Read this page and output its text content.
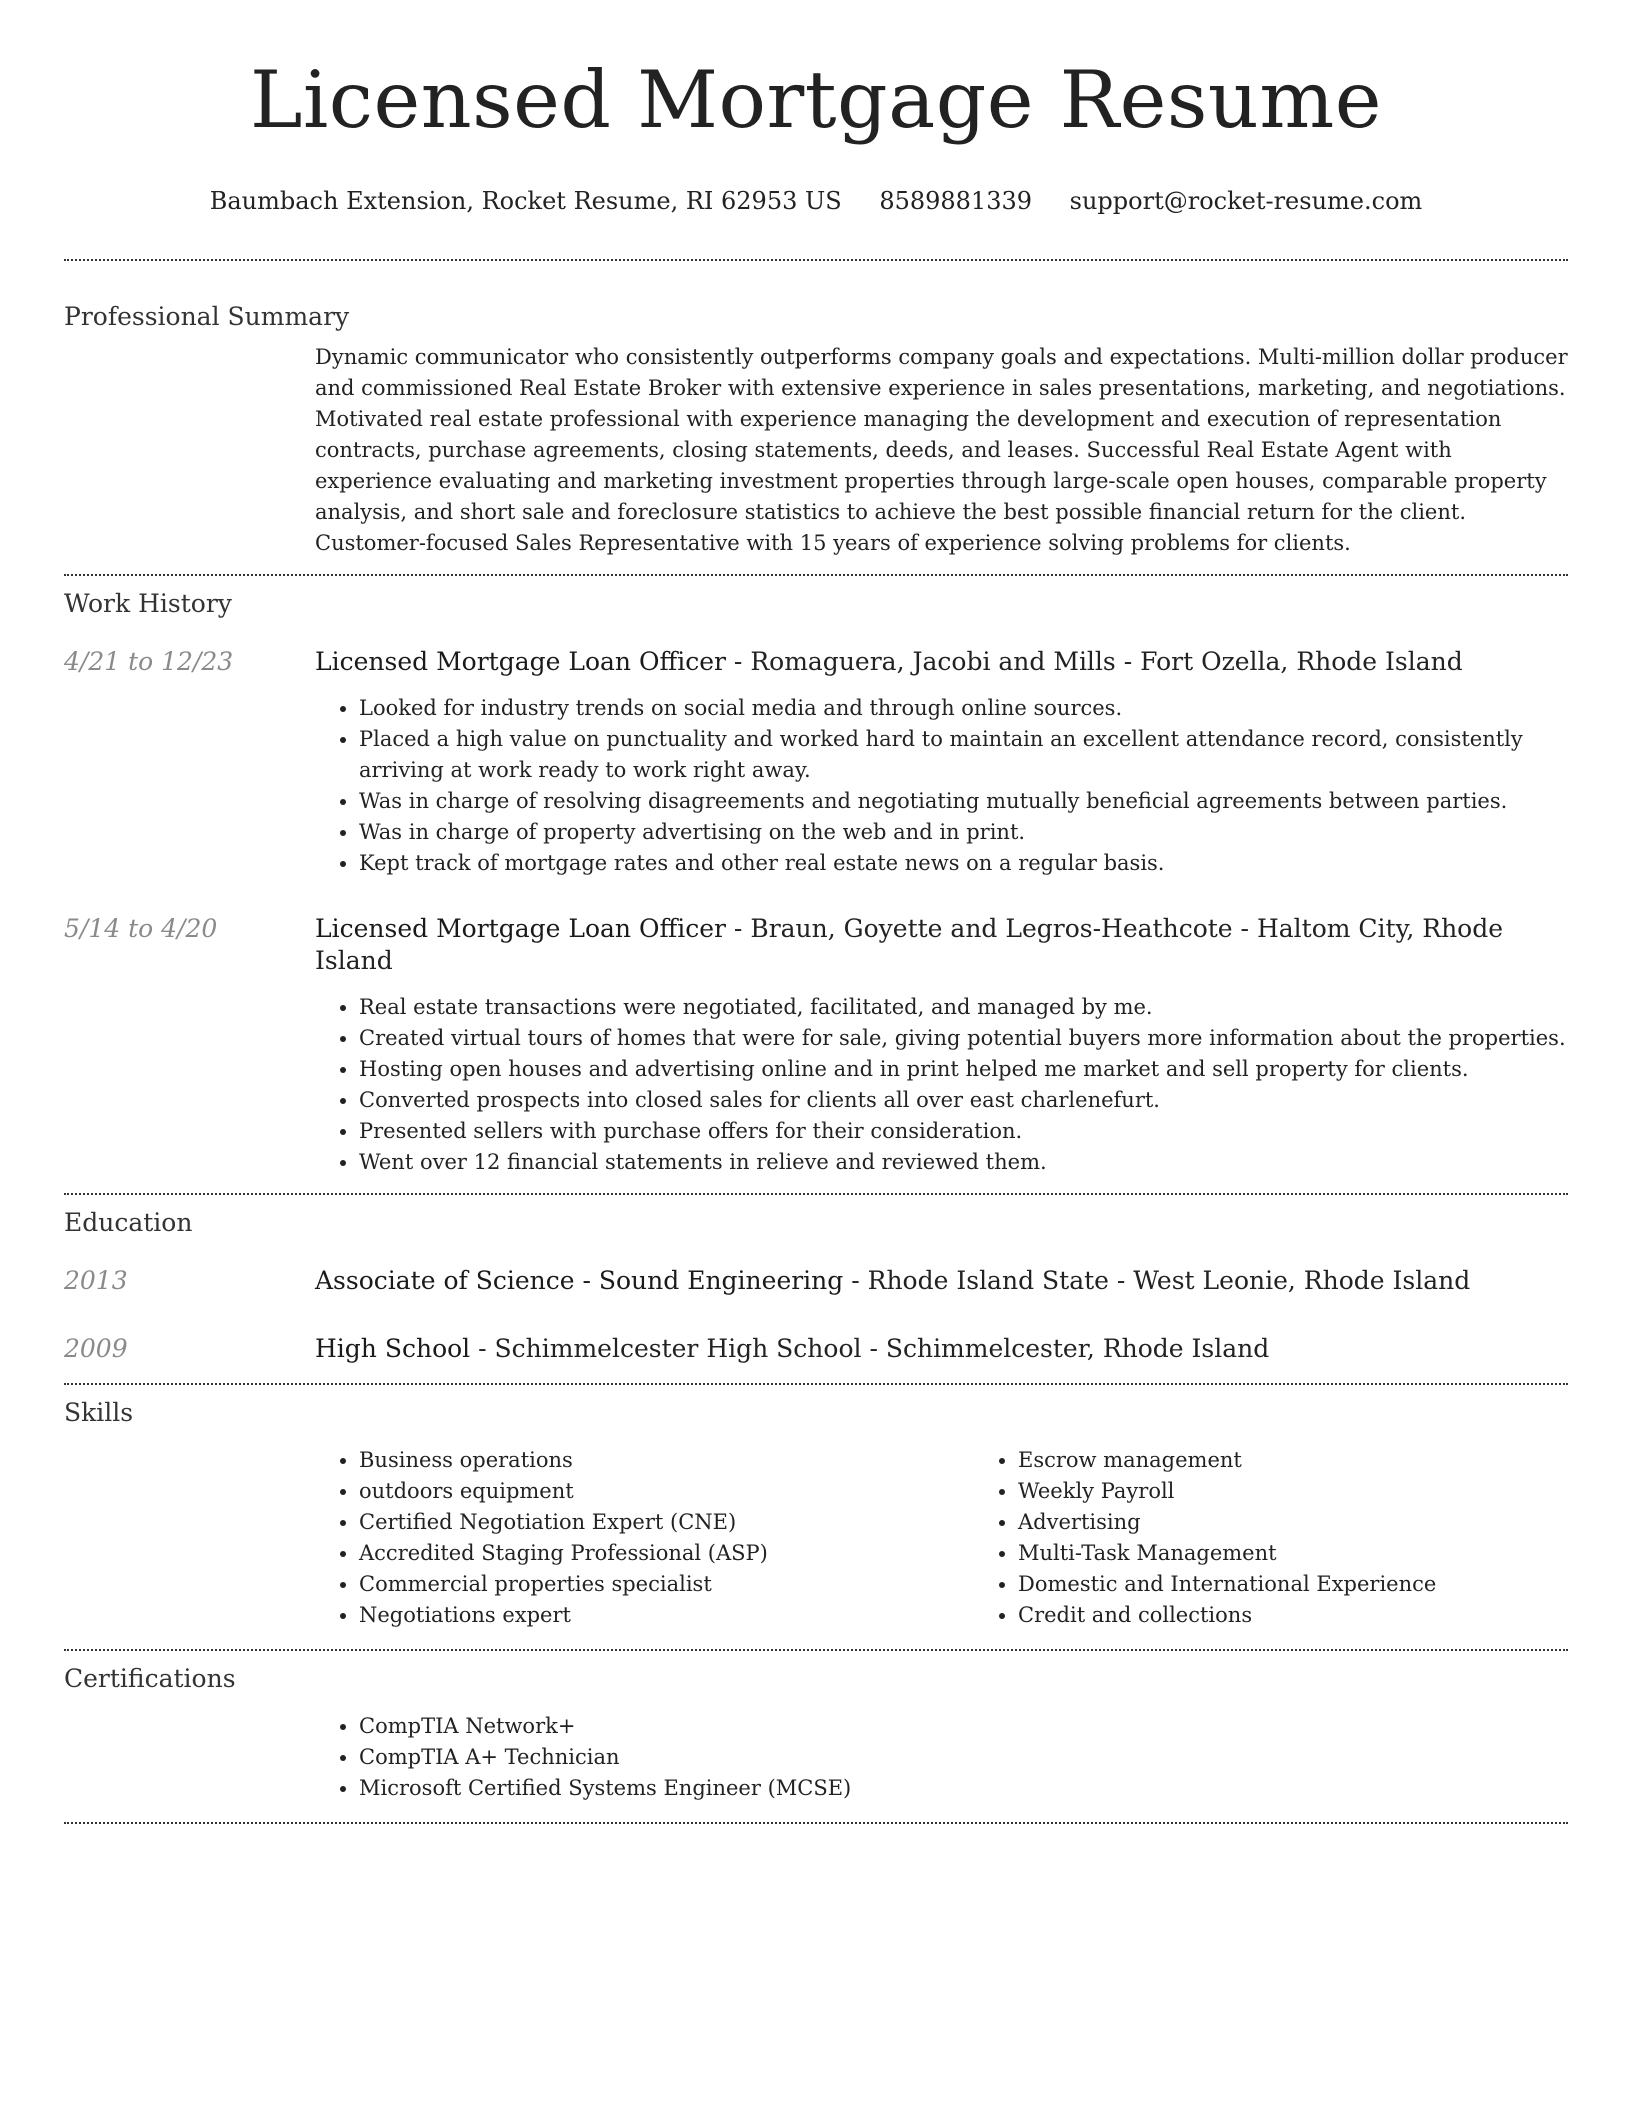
Licensed Mortgage Resume
Baumbach Extension, Rocket Resume, RI 62953 US 8589881339 support@rocket-resume.com
Professional Summary

Dynamic communicator who consistently outperforms company goals and expectations. Multi-million dollar producer and commissioned Real Estate Broker with extensive experience in sales presentations, marketing, and negotiations. Motivated real estate professional with experience managing the development and execution of representation contracts, purchase agreements, closing statements, deeds, and leases. Successful Real Estate Agent with experience evaluating and marketing investment properties through large-scale open houses, comparable property analysis, and short sale and foreclosure statistics to achieve the best possible financial return for the client. Customer-focused Sales Representative with 15 years of experience solving problems for clients.

Work History
4/21 to 12/23	Licensed Mortgage Loan Officer - Romaguera, Jacobi and Mills - Fort Ozella, Rhode Island

• Looked for industry trends on social media and through online sources.
• Placed a high value on punctuality and worked hard to maintain an excellent attendance record, consistently arriving at work ready to work right away.
• Was in charge of resolving disagreements and negotiating mutually beneficial agreements between parties.
• Was in charge of property advertising on the web and in print.
• Kept track of mortgage rates and other real estate news on a regular basis.
5/14 to 4/20	Licensed Mortgage Loan Officer - Braun, Goyette and Legros-Heathcote - Haltom City, Rhode Island

• Real estate transactions were negotiated, facilitated, and managed by me.
• Created virtual tours of homes that were for sale, giving potential buyers more information about the properties.
• Hosting open houses and advertising online and in print helped me market and sell property for clients.
• Converted prospects into closed sales for clients all over east charlenefurt.
• Presented sellers with purchase offers for their consideration.
• Went over 12 financial statements in relieve and reviewed them.
Education
2013	Associate of Science - Sound Engineering - Rhode Island State - West Leonie, Rhode Island

2009	High School - Schimmelcester High School - Schimmelcester, Rhode Island

Skills
• Business operations
• outdoors equipment
• Certified Negotiation Expert (CNE)
• Accredited Staging Professional (ASP)
• Commercial properties specialist
• Negotiations expert
• Escrow management
• Weekly Payroll
• Advertising
• Multi-Task Management
• Domestic and International Experience
• Credit and collections
Certifications
• CompTIA Network+
• CompTIA A+ Technician
• Microsoft Certified Systems Engineer (MCSE)
